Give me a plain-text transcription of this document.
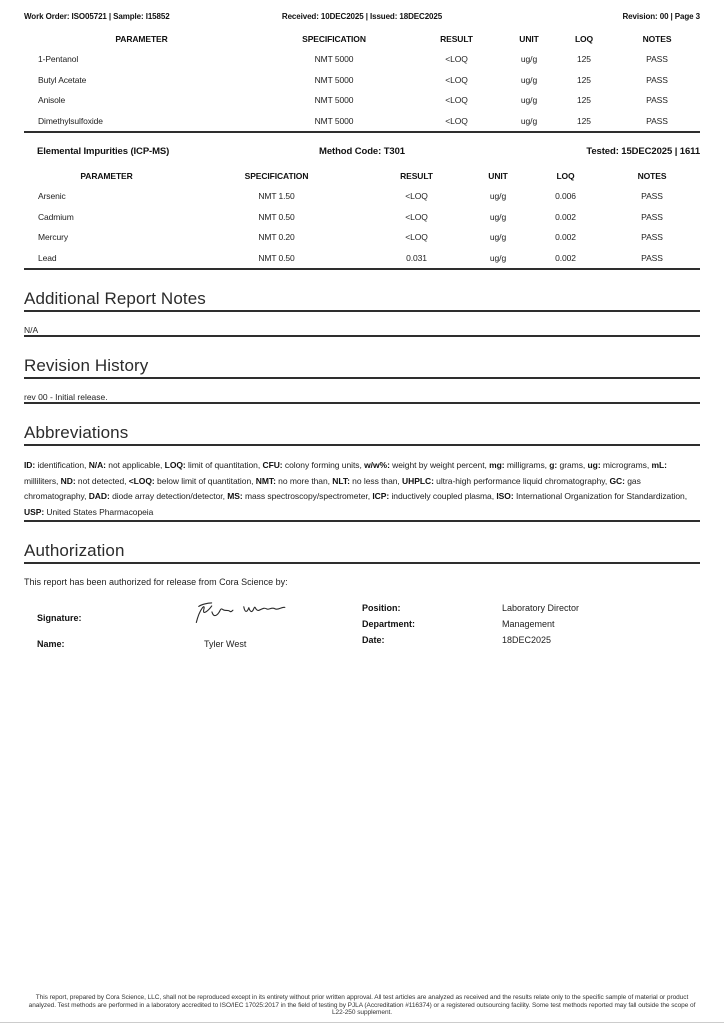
Received: 10DEC2025 | Issued: 18DEC2025
Work Order: ISO05721 | Sample: I15852	Revision: 00 | Page 3
PARAMETER	SPECIFICATION	RESULT	UNIT	LOQ	NOTES
1-Pentanol	NMT 5000	<LOQ	ug/g	125	PASS
Butyl Acetate	NMT 5000	<LOQ	ug/g	125	PASS
Anisole	NMT 5000	<LOQ	ug/g	125	PASS
Dimethylsulfoxide	NMT 5000	<LOQ	ug/g	125	PASS
Elemental Impurities (ICP-MS)	Method Code: T301	Tested: 15DEC2025 | 1611
PARAMETER	SPECIFICATION	RESULT	UNIT	LOQ	NOTES
Arsenic	NMT 1.50	<LOQ	ug/g	0.006	PASS
Cadmium	NMT 0.50	<LOQ	ug/g	0.002	PASS
Mercury	NMT 0.20	<LOQ	ug/g	0.002	PASS
Lead	NMT 0.50	0.031	ug/g	0.002	PASS
Additional Report Notes
N/A
Revision History
rev 00 - Initial release.
Abbreviations
ID: identification, N/A: not applicable, LOQ: limit of quantitation, CFU: colony forming units, w/w%: weight by weight percent, mg: milligrams, g: grams, ug: micrograms, mL: milliliters, ND: not detected, <LOQ: below limit of quantitation, NMT: no more than, NLT: no less than, UHPLC: ultra-high performance liquid chromatography, GC: gas chromatography, DAD: diode array detection/detector, MS: mass spectroscopy/spectrometer, ICP: inductively coupled plasma, ISO: International Organization for Standardization, USP: United States Pharmacopeia
Authorization
This report has been authorized for release from Cora Science by:
Signature:
Name:	Tyler West
Position:	Laboratory Director
Department:	Management
Date:	18DEC2025
This report, prepared by Cora Science, LLC, shall not be reproduced except in its entirety without prior written approval. All test articles are analyzed as received and the results relate only to the specific sample of material or product analyzed. Test methods are performed in a laboratory accredited to ISO/IEC 17025:2017 in the field of testing by PJLA (Accreditation #116374) or a registered outsourcing facility. Some test methods reported may fall outside the scope of L22-250 supplement.
